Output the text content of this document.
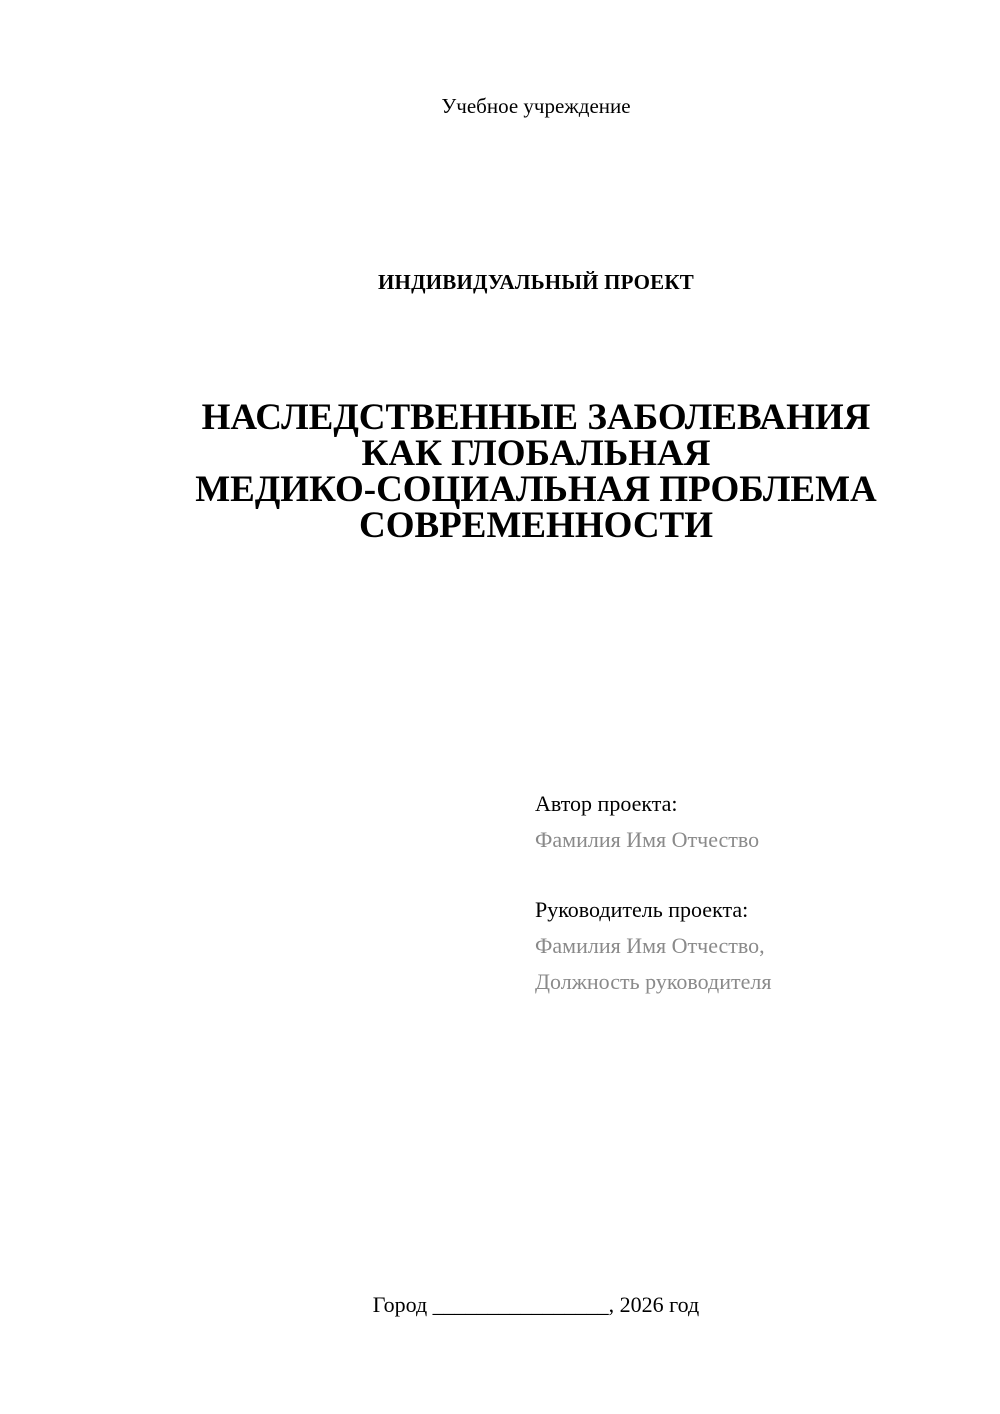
Учебное учреждение
ИНДИВИДУАЛЬНЫЙ ПРОЕКТ
НАСЛЕДСТВЕННЫЕ ЗАБОЛЕВАНИЯ
КАК ГЛОБАЛЬНАЯ
МЕДИКО-СОЦИАЛЬНАЯ ПРОБЛЕМА
СОВРЕМЕННОСТИ
Автор проекта:
Фамилия Имя Отчество
Руководитель проекта:
Фамилия Имя Отчество,
Должность руководителя
Город ________________, 2026 год
